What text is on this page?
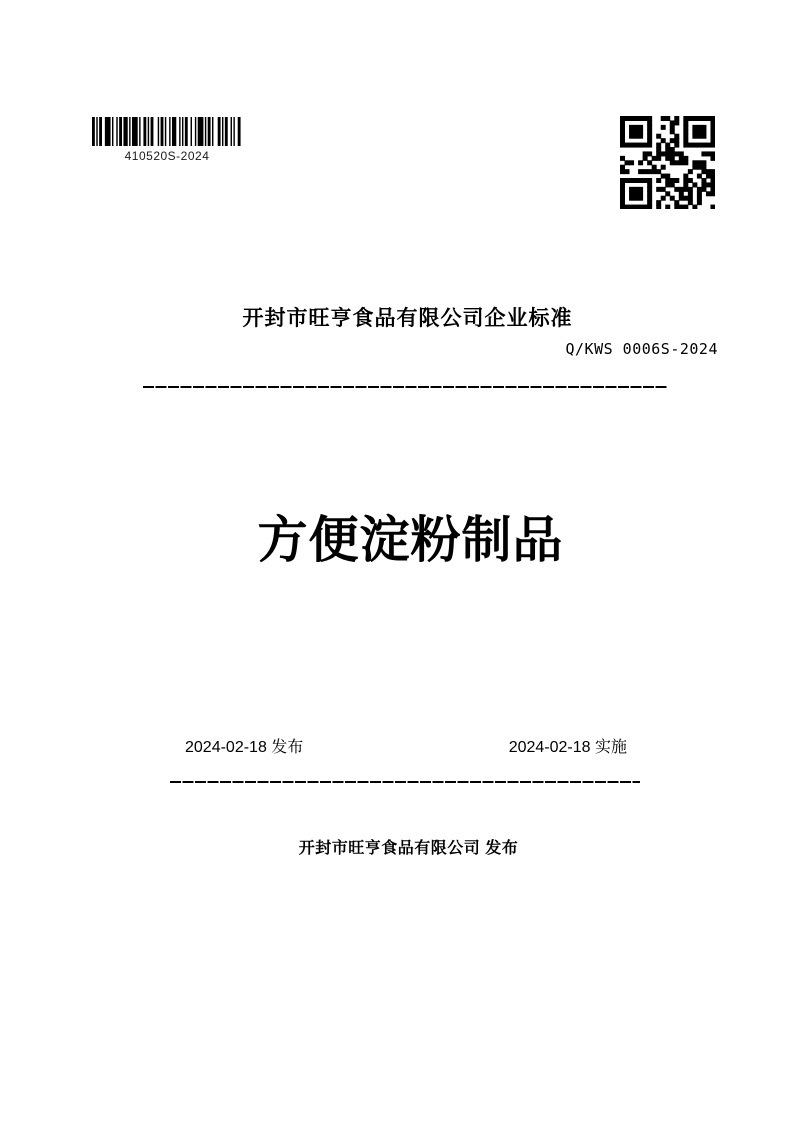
410520S-2024
开封市旺亨食品有限公司企业标准
Q/KWS 0006S-2024
方便淀粉制品
2024-02-18 发布	2024-02-18 实施
开封市旺亨食品有限公司 发布
